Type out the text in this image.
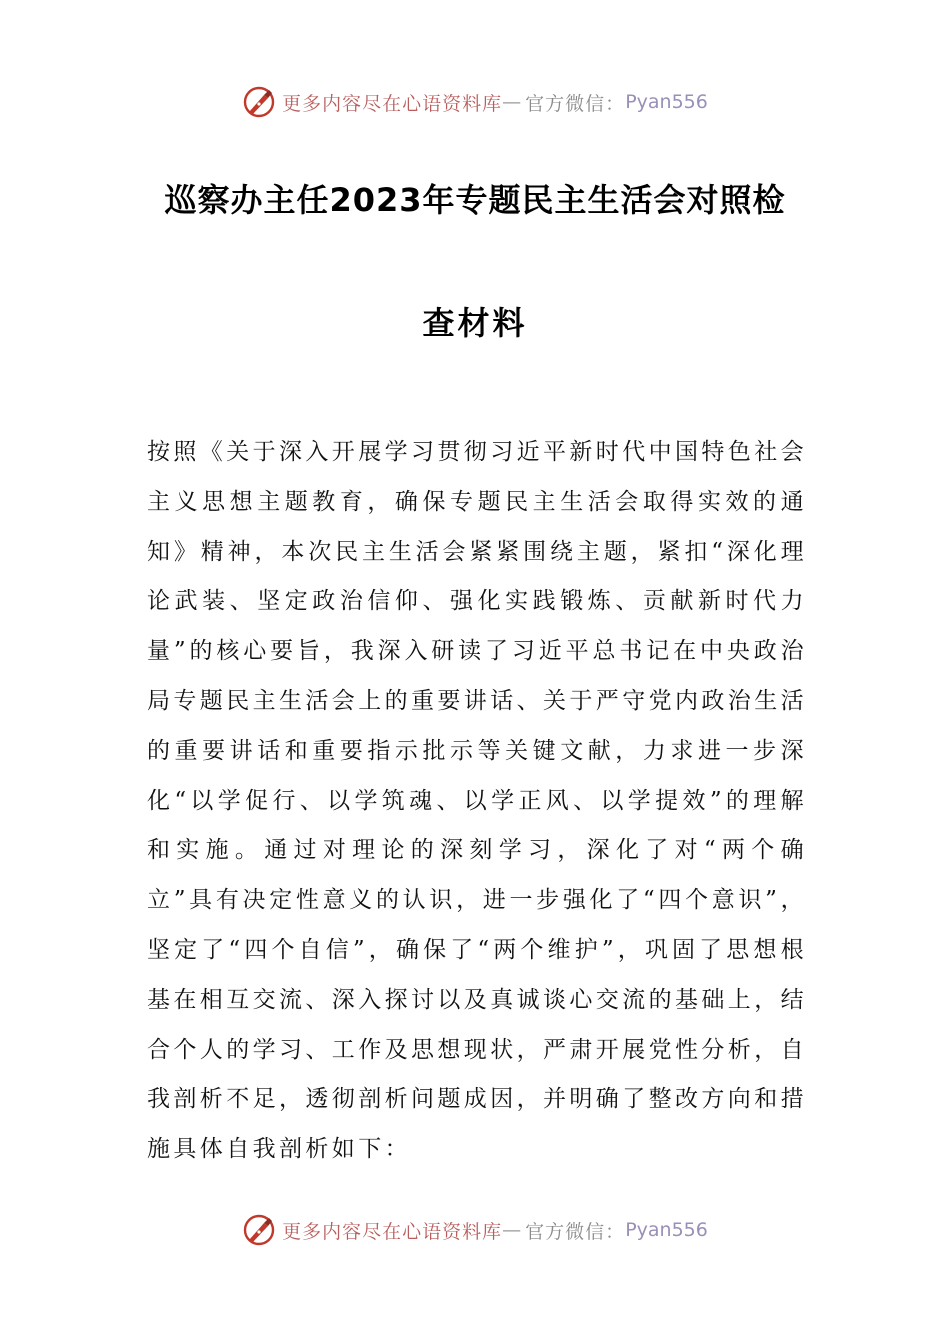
更多内容尽在心语资料库 — 官方微信： Pyan556
巡察办主任2023年专题民主生活会对照检
查材料

按照《关于深入开展学习贯彻习近平新时代中国特色社会主义思想主题教育，确保专题民主生活会取得实效的通知》精神，本次民主生活会紧紧围绕主题，紧扣“深化理论武装、坚定政治信仰、强化实践锻炼、贡献新时代力量”的核心要旨，我深入研读了习近平总书记在中央政治局专题民主生活会上的重要讲话、关于严守党内政治生活的重要讲话和重要指示批示等关键文献，力求进一步深化“以学促行、以学筑魂、以学正风、以学提效”的理解和实施。通过对理论的深刻学习，深化了对“两个确立”具有决定性意义的认识，进一步强化了“四个意识”，坚定了“四个自信”，确保了“两个维护”，巩固了思想根基在相互交流、深入探讨以及真诚谈心交流的基础上，结合个人的学习、工作及思想现状，严肃开展党性分析，自我剖析不足，透彻剖析问题成因，并明确了整改方向和措施具体自我剖析如下：

更多内容尽在心语资料库 — 官方微信： Pyan556
